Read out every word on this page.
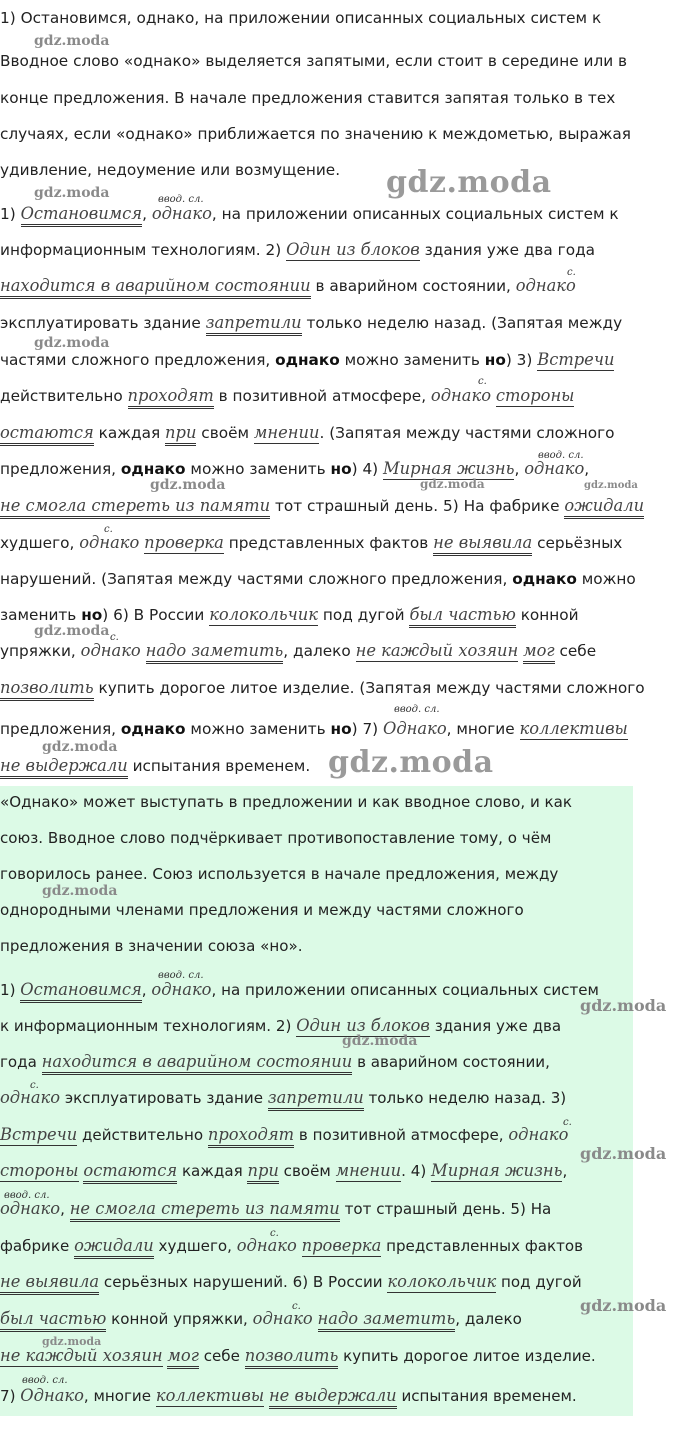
1) Остановимся, однако, на приложении описанных социальных систем к
Вводное слово «однако» выделяется запятыми, если стоит в середине или в
конце предложения. В начале предложения ставится запятая только в тех
случаях, если «однако» приближается по значению к междометью, выражая
удивление, недоумение или возмущение.
ввод. сл.
1) Остановимся, однако, на приложении описанных социальных систем к
информационным технологиям. 2) Один из блоков здания уже два года
с.
находится в аварийном состоянии в аварийном состоянии, однако
эксплуатировать здание запретили только неделю назад. (Запятая между
частями сложного предложения, однако можно заменить но) 3) Встречи
с.
действительно проходят в позитивной атмосфере, однако стороны
остаются каждая при своём мнении. (Запятая между частями сложного
ввод. сл.
предложения, однако можно заменить но) 4) Мирная жизнь, однако,
не смогла стереть из памяти тот страшный день. 5) На фабрике ожидали
с.
худшего, однако проверка представленных фактов не выявила серьёзных
нарушений. (Запятая между частями сложного предложения, однако можно
заменить но) 6) В России колокольчик под дугой был частью конной
с.
упряжки, однако надо заметить, далеко не каждый хозяин мог себе
позволить купить дорогое литое изделие. (Запятая между частями сложного
ввод. сл.
предложения, однако можно заменить но) 7) Однако, многие коллективы
не выдержали испытания временем.
«Однако» может выступать в предложении и как вводное слово, и как
союз. Вводное слово подчёркивает противопоставление тому, о чём
говорилось ранее. Союз используется в начале предложения, между
однородными членами предложения и между частями сложного
предложения в значении союза «но».
ввод. сл.
1) Остановимся, однако, на приложении описанных социальных систем
к информационным технологиям. 2) Один из блоков здания уже два
года находится в аварийном состоянии в аварийном состоянии,
с.
однако эксплуатировать здание запретили только неделю назад. 3)
с.
Встречи действительно проходят в позитивной атмосфере, однако
стороны остаются каждая при своём мнении. 4) Мирная жизнь,
ввод. сл.
однако, не смогла стереть из памяти тот страшный день. 5) На
с.
фабрике ожидали худшего, однако проверка представленных фактов
не выявила серьёзных нарушений. 6) В России колокольчик под дугой
с.
был частью конной упряжки, однако надо заметить, далеко
не каждый хозяин мог себе позволить купить дорогое литое изделие.
ввод. сл.
7) Однако, многие коллективы не выдержали испытания временем.
gdz.moda
gdz.moda
gdz.moda
gdz.moda
gdz.moda	gdz.moda	gdz.moda
gdz.moda
gdz.moda	gdz.moda
gdz.moda
gdz.moda
gdz.moda
gdz.moda
gdz.moda
gdz.moda
